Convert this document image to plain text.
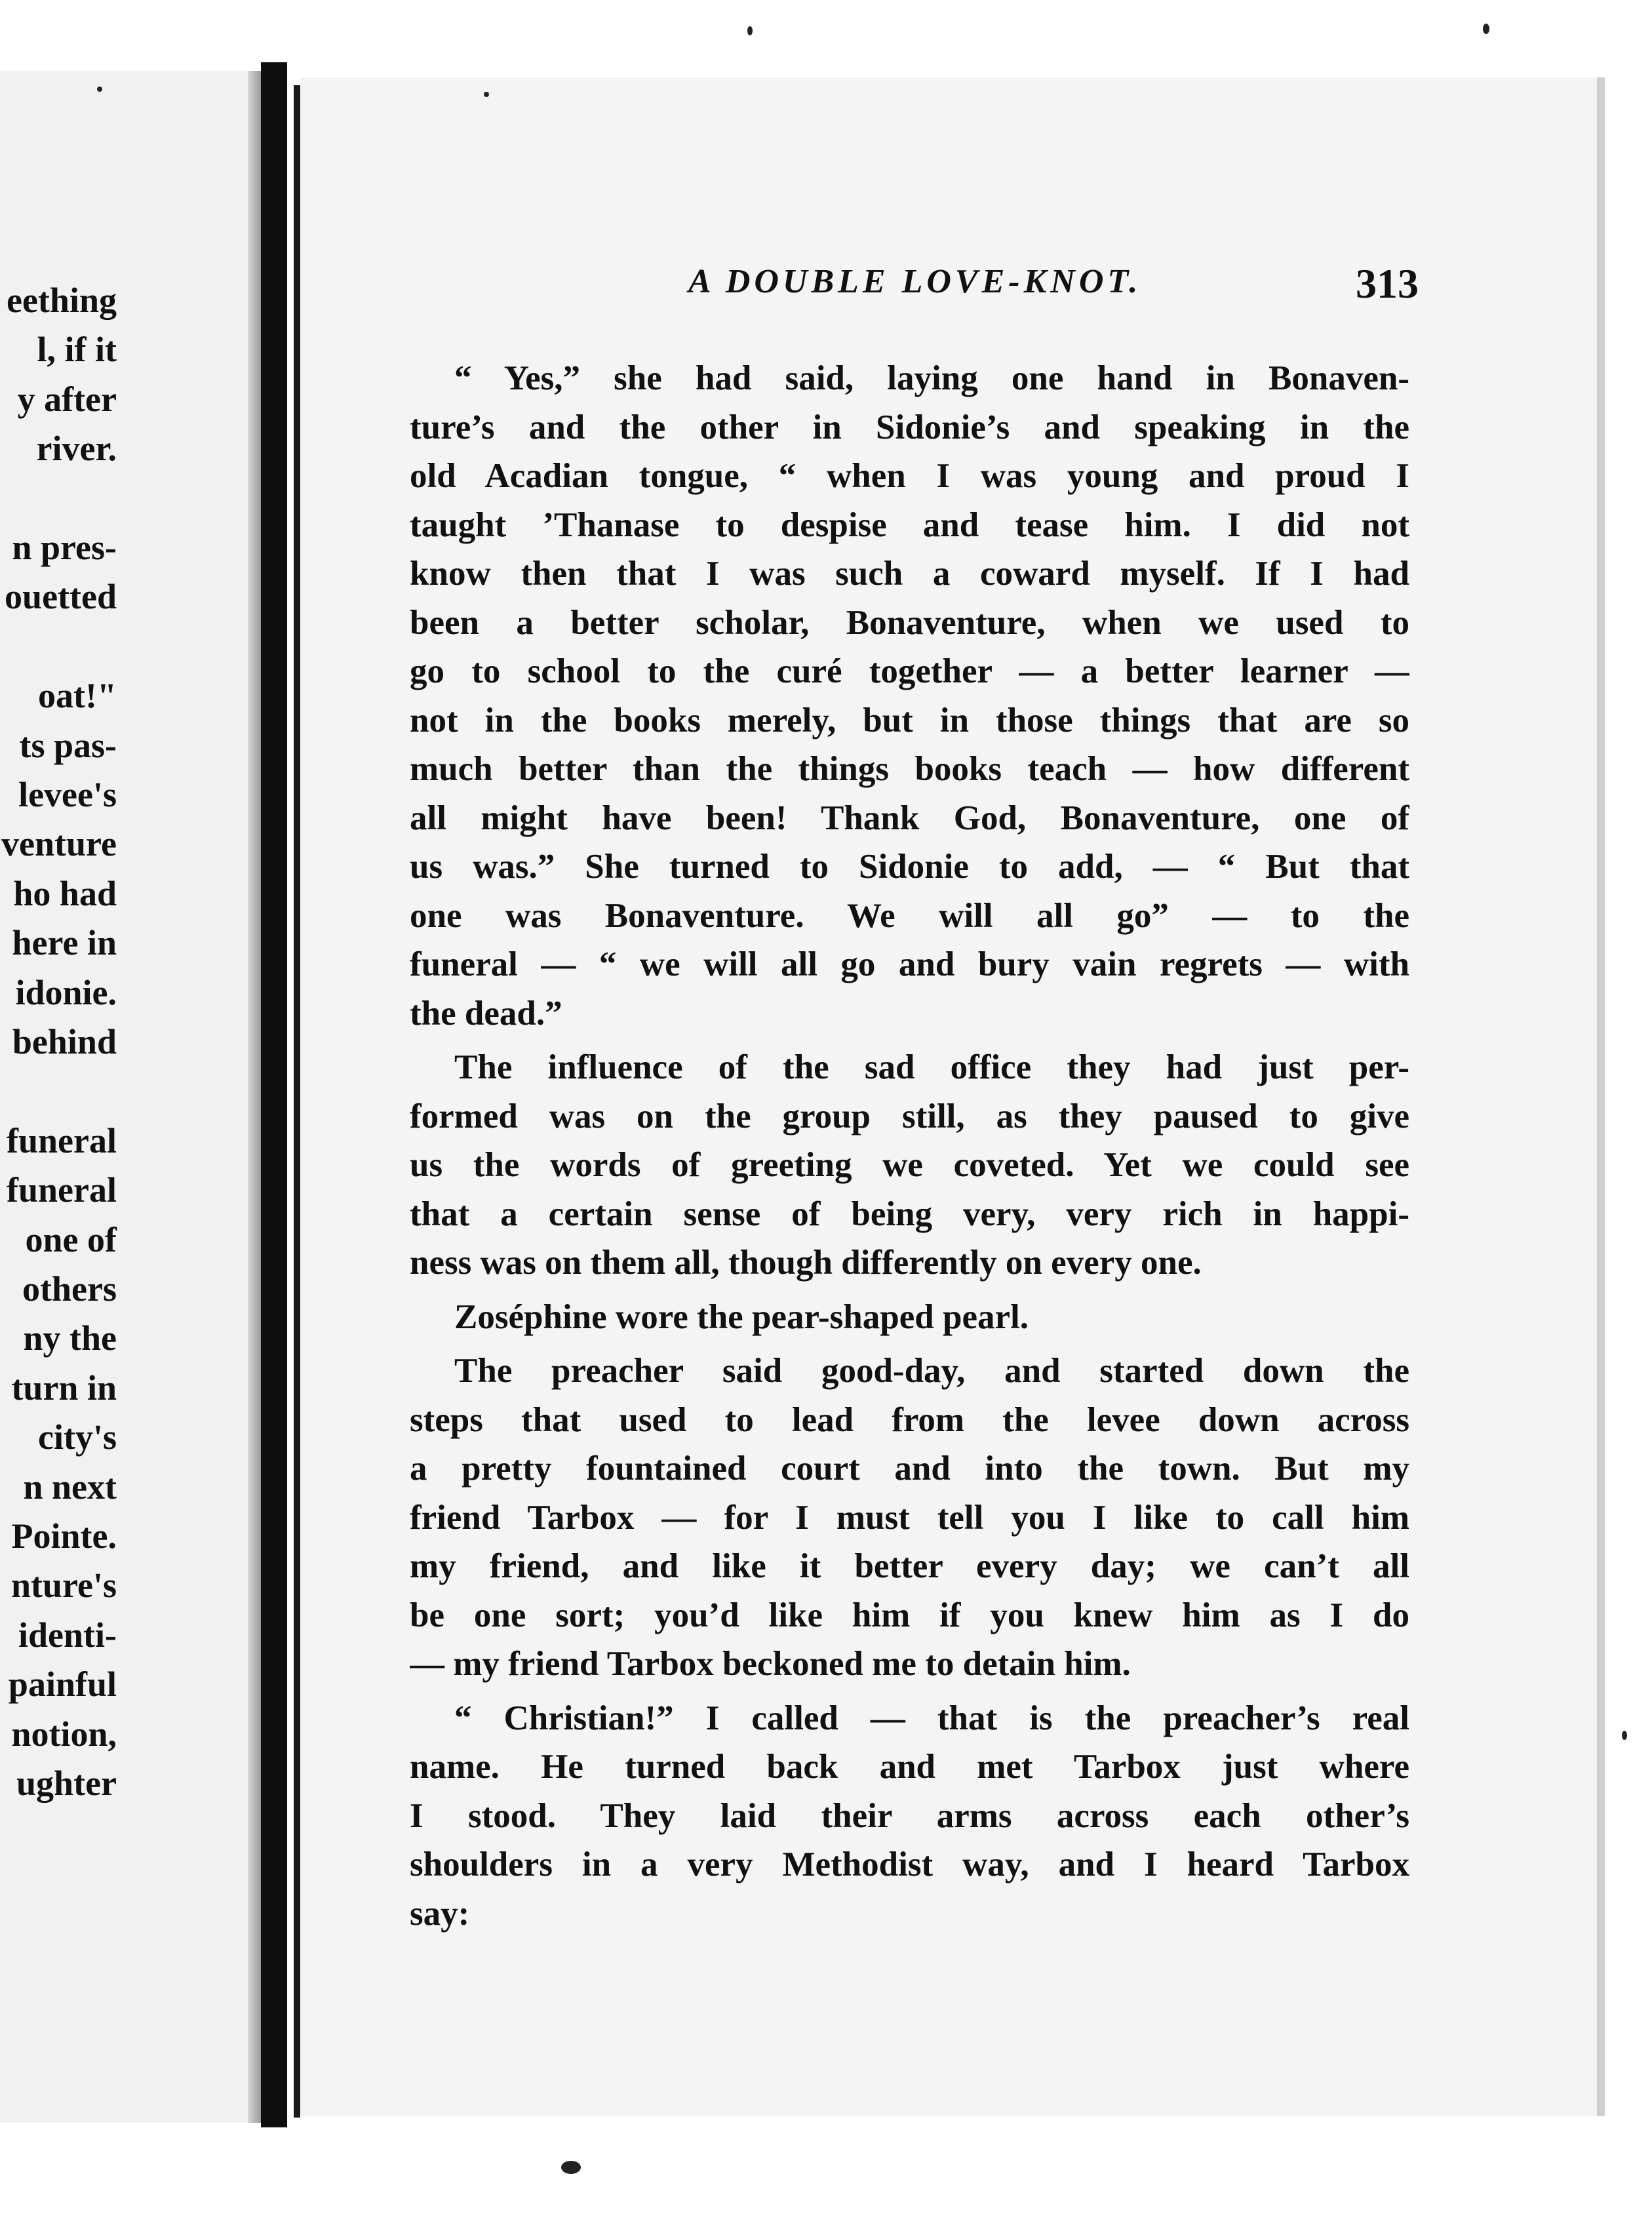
eething
l, if it
y after
river.
n pres-
ouetted
oat!"
ts pas-
levee's
venture
ho had
here in
idonie.
behind
funeral
funeral
one of
others
ny the
turn in
city's
n next
Pointe.
nture's
identi-
painful
notion,
ughter
A DOUBLE LOVE-KNOT.	313
“ Yes,” she had said, laying one hand in Bonaven-
ture’s and the other in Sidonie’s and speaking in the
old Acadian tongue, “ when I was young and proud I
taught ’Thanase to despise and tease him. I did not
know then that I was such a coward myself. If I had
been a better scholar, Bonaventure, when we used to
go to school to the curé together — a better learner —
not in the books merely, but in those things that are so
much better than the things books teach — how different
all might have been! Thank God, Bonaventure, one of
us was.” She turned to Sidonie to add, — “ But that
one was Bonaventure. We will all go” — to the
funeral — “ we will all go and bury vain regrets — with
the dead.”
The influence of the sad office they had just per-
formed was on the group still, as they paused to give
us the words of greeting we coveted. Yet we could see
that a certain sense of being very, very rich in happi-
ness was on them all, though differently on every one.
Zoséphine wore the pear-shaped pearl.
The preacher said good-day, and started down the
steps that used to lead from the levee down across
a pretty fountained court and into the town. But my
friend Tarbox — for I must tell you I like to call him
my friend, and like it better every day; we can’t all
be one sort; you’d like him if you knew him as I do
— my friend Tarbox beckoned me to detain him.
“ Christian!” I called — that is the preacher’s real
name. He turned back and met Tarbox just where
I stood. They laid their arms across each other’s
shoulders in a very Methodist way, and I heard Tarbox
say:
